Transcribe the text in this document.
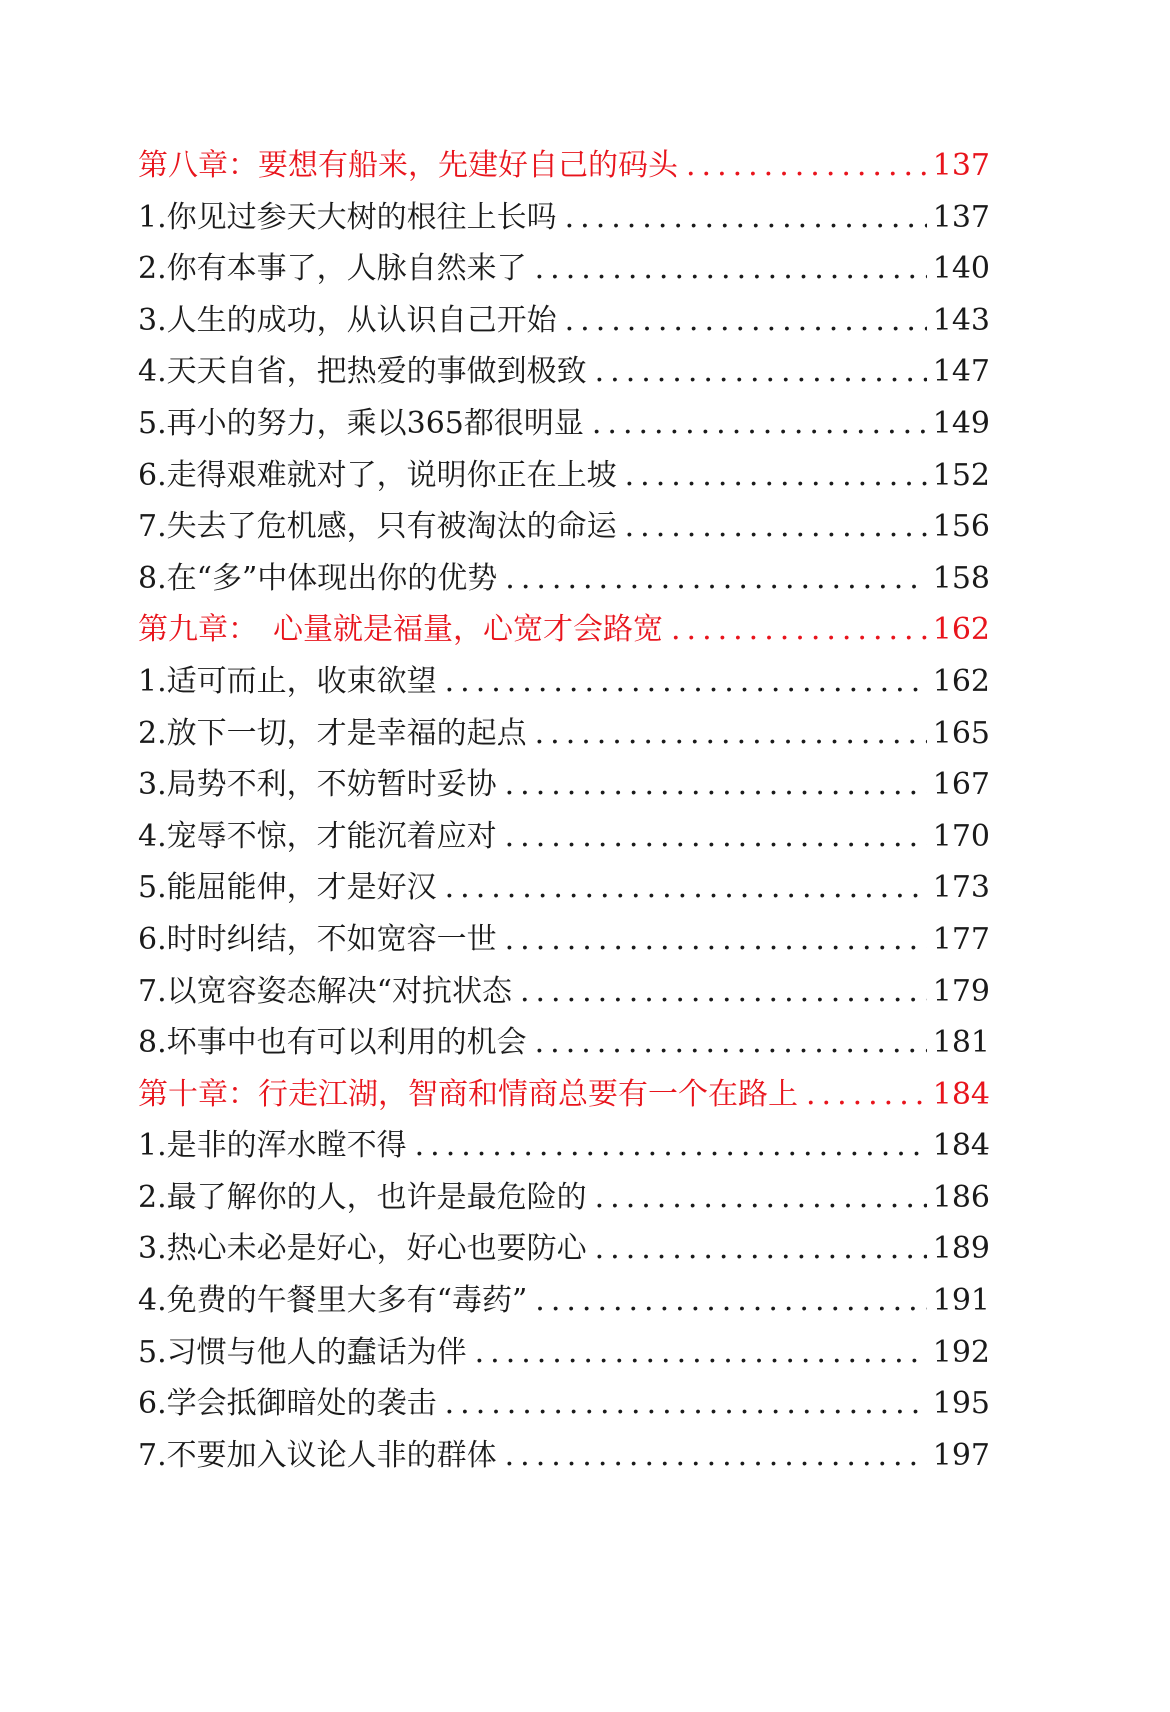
第八章：要想有船来，先建好自己的码头 .....	137
1.你见过参天大树的根往上长吗 .....	137
2.你有本事了，人脉自然来了 .....	140
3.人生的成功，从认识自己开始 .....	143
4.天天自省，把热爱的事做到极致 .....	147
5.再小的努力，乘以365都很明显 .....	149
6.走得艰难就对了，说明你正在上坡 .....	152
7.失去了危机感，只有被淘汰的命运 .....	156
8.在“多”中体现出你的优势 .....	158
第九章：　心量就是福量，心宽才会路宽 .....	162
1.适可而止，收束欲望 .....	162
2.放下一切，才是幸福的起点 .....	165
3.局势不利，不妨暂时妥协 .....	167
4.宠辱不惊，才能沉着应对 .....	170
5.能屈能伸，才是好汉 .....	173
6.时时纠结，不如宽容一世 .....	177
7.以宽容姿态解决“对抗状态 .....	179
8.坏事中也有可以利用的机会 .....	181
第十章：行走江湖，智商和情商总要有一个在路上 .....	184
1.是非的浑水瞠不得 .....	184
2.最了解你的人，也许是最危险的 .....	186
3.热心未必是好心，好心也要防心 .....	189
4.免费的午餐里大多有“毒药” .....	191
5.习惯与他人的蠢话为伴 .....	192
6.学会抵御暗处的袭击 .....	195
7.不要加入议论人非的群体 .....	197
